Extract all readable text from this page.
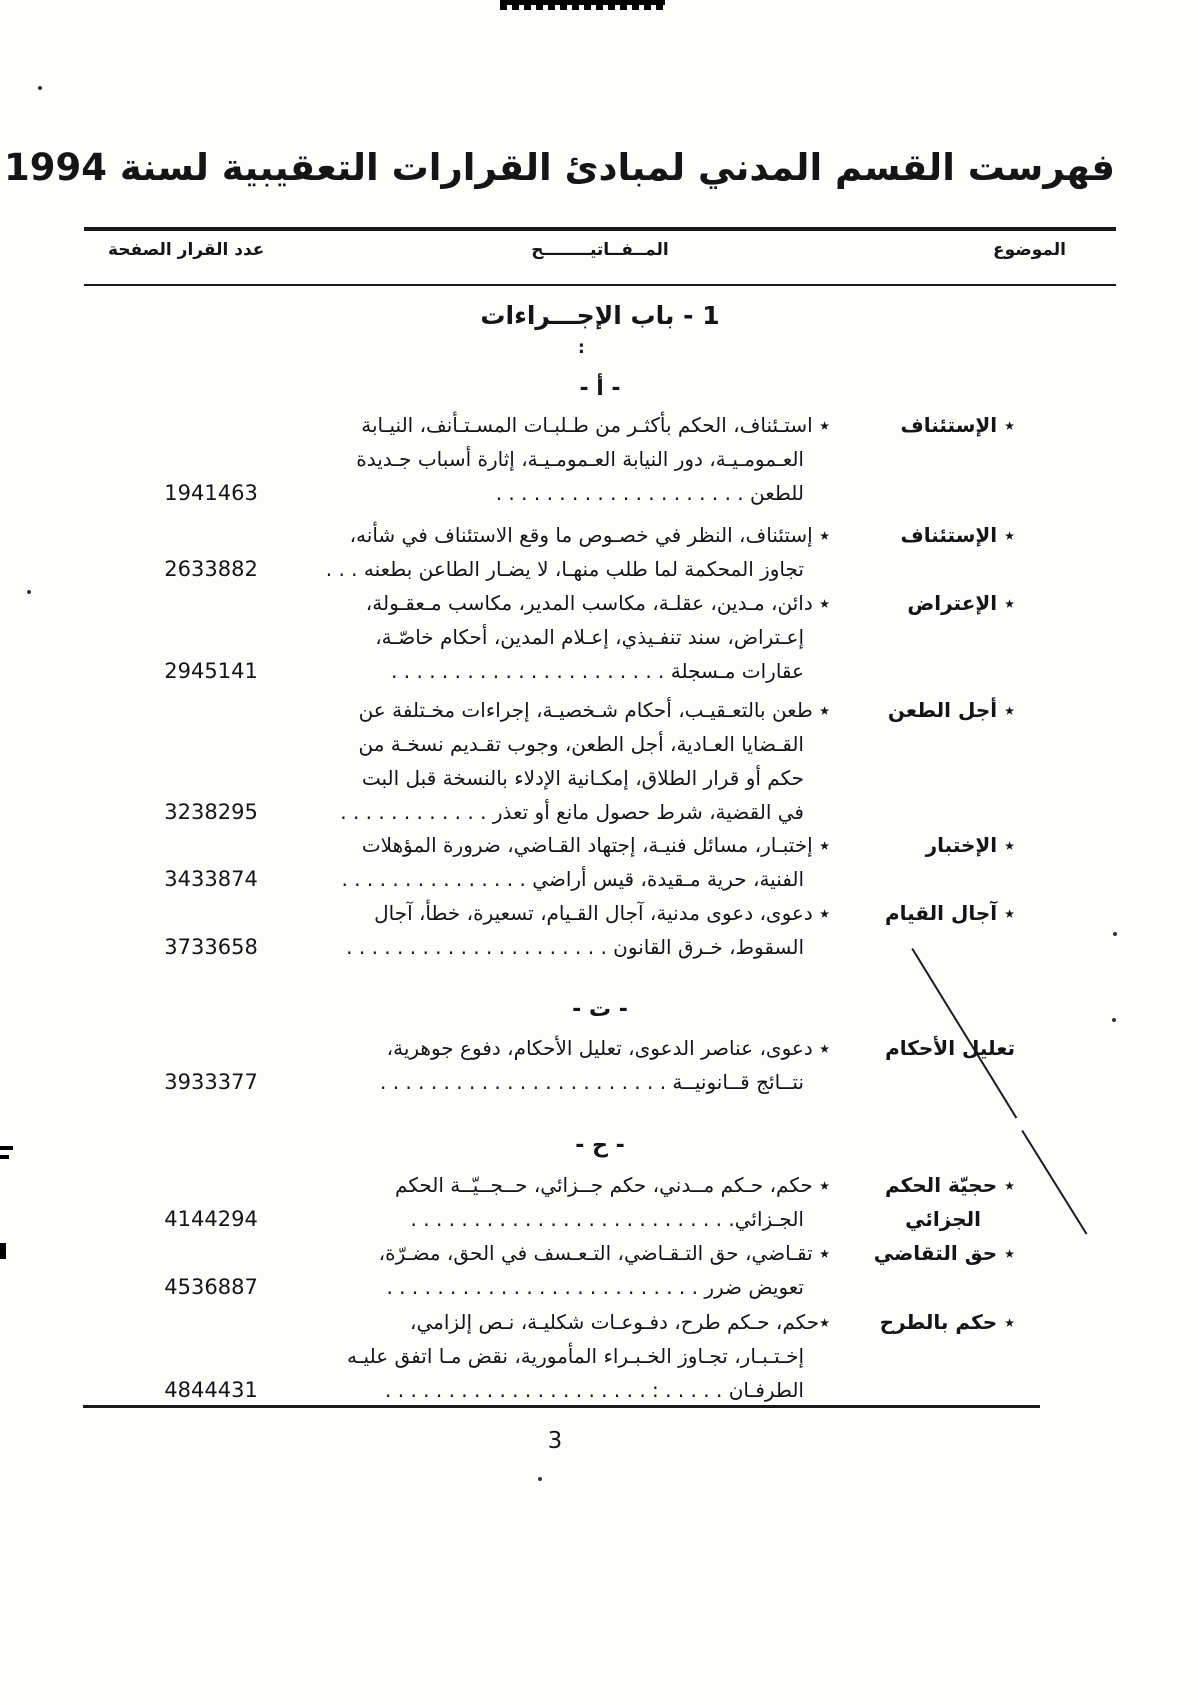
فهرست القسم المدني لمبادئ القرارات التعقيبية لسنة 1994
الموضوع
المــفــاتيــــــــح
عدد القرار الصفحة
1 - باب الإجـــراءات
:
- أ -
- ت -
- ح -
٭ استـئناف، الحكم بأكثـر من طـلبـات المسـتـأنف، النيـابة
العـمومـيـة، دور النيابة العـمومـيـة، إثارة أسباب جـديدة
للطعن . . . . . . . . . . . . . . . . . . . .
19 41463
٭ الإستئناف
٭ إستئناف، النظر في خصـوص ما وقع الاستئناف في شأنه،
تجاوز المحكمة لما طلب منهـا، لا يضـار الطاعن بطعنه . . .
26 33882
٭ الإستئناف
٭ دائن، مـدين، عقلـة، مكاسب المدير، مكاسب مـعقـولة،
إعـتراض، سند تنفـيذي، إعـلام المدين، أحكام خاصّـة،
عقارات مـسجلة . . . . . . . . . . . . . . . . . . . . . .
29 45141
٭ الإعتراض
٭ طعن بالتعـقيـب، أحكام شـخصيـة، إجراءات مخـتلفة عن
القـضايا العـادية، أجل الطعن، وجوب تقـديم نسخـة من
حكم أو قرار الطلاق، إمكـانية الإدلاء بالنسخة قبل البت
في القضية، شرط حصول مانع أو تعذر . . . . . . . . . . . .
32 38295
٭ أجل الطعن
٭ إختبـار، مسائل فنيـة، إجتهاد القـاضي، ضرورة المؤهلات
الفنية، حرية مـقيدة، قيس أراضي . . . . . . . . . . . . . . .
34 33874
٭ الإختبار
٭ دعوى، دعوى مدنية، آجال القـيام، تسعيرة، خطأ، آجال
السقوط، خـرق القانون . . . . . . . . . . . . . . . . . . . . .
37 33658
٭ آجال القيام
٭ دعوى، عناصر الدعوى، تعليل الأحكام، دفوع جوهرية،
نتــائج قــانونيــة . . . . . . . . . . . . . . . . . . . . . . .
39 33377
تعليل الأحكام
٭ حكم، حـكم مــدني، حكم جــزائي، حــجــيّــة الحكم
الجـزائي. . . . . . . . . . . . . . . . . . . . . . . . . .
41 44294
٭ حجيّة الحكم
الجزائي
٭ تقـاضي، حق التـقـاضي، التـعـسف في الحق، مضـرّة،
تعويض ضرر . . . . . . . . . . . . . . . . . . . . . . . . .
45 36887
٭ حق التقاضي
٭حكم، حـكم طرح، دفـوعـات شكليـة، نـص إلزامي،
إخـتـبـار، تجـاوز الخـبـراء المأمورية، نقض مـا اتفق عليـه
الطرفـان . . . . . : . . . . . . . . . . . . . . . . . . . . .
48 44431
٭ حكم بالطرح
3
